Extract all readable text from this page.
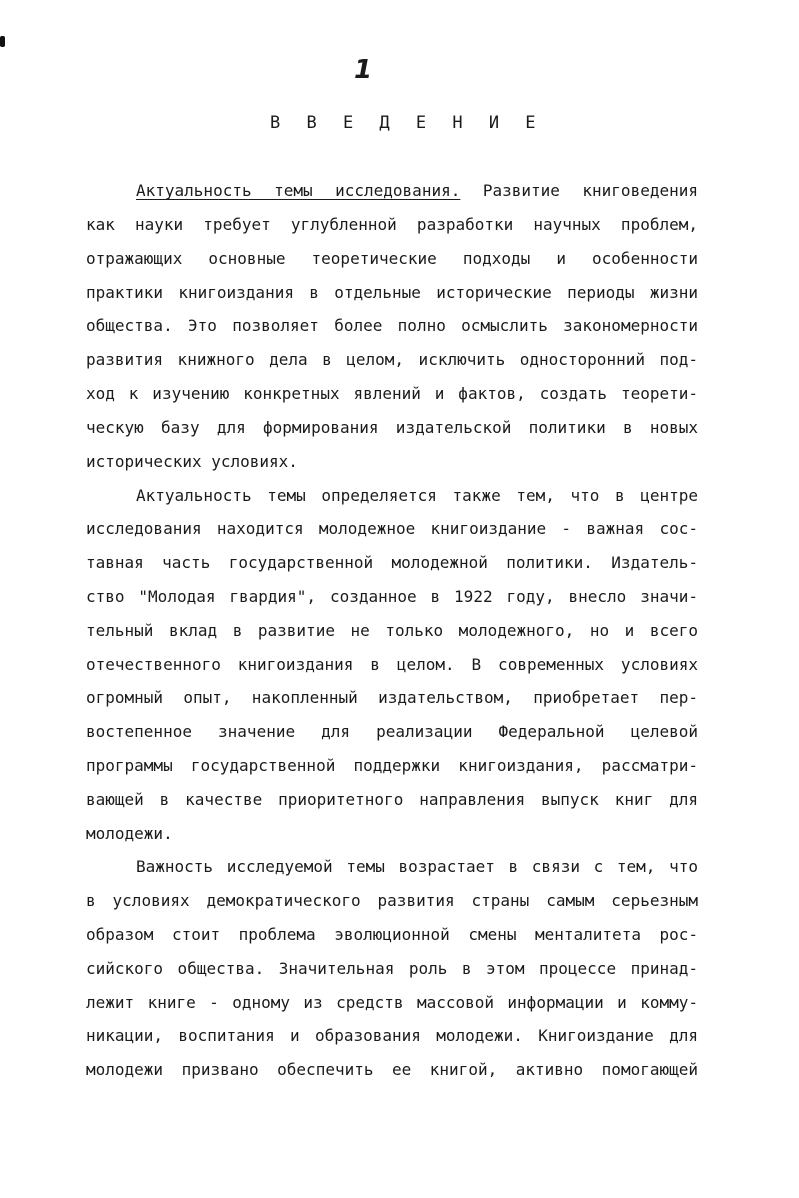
1
В В Е Д Е Н И Е
Актуальность темы исследования. Развитие книговедения
как науки требует углубленной разработки научных проблем,
отражающих основные теоретические подходы и особенности
практики книгоиздания в отдельные исторические периоды жизни
общества. Это позволяет более полно осмыслить закономерности
развития книжного дела в целом, исключить односторонний под-
ход к изучению конкретных явлений и фактов, создать теорети-
ческую базу для формирования издательской политики в новых
исторических условиях.
Актуальность темы определяется также тем, что в центре
исследования находится молодежное книгоиздание - важная сос-
тавная часть государственной молодежной политики. Издатель-
ство "Молодая гвардия", созданное в 1922 году, внесло значи-
тельный вклад в развитие не только молодежного, но и всего
отечественного книгоиздания в целом. В современных условиях
огромный опыт, накопленный издательством, приобретает пер-
востепенное значение для реализации Федеральной целевой
программы государственной поддержки книгоиздания, рассматри-
вающей в качестве приоритетного направления выпуск книг для
молодежи.
Важность исследуемой темы возрастает в связи с тем, что
в условиях демократического развития страны самым серьезным
образом стоит проблема эволюционной смены менталитета рос-
сийского общества. Значительная роль в этом процессе принад-
лежит книге - одному из средств массовой информации и комму-
никации, воспитания и образования молодежи. Книгоиздание для
молодежи призвано обеспечить ее книгой, активно помогающей
